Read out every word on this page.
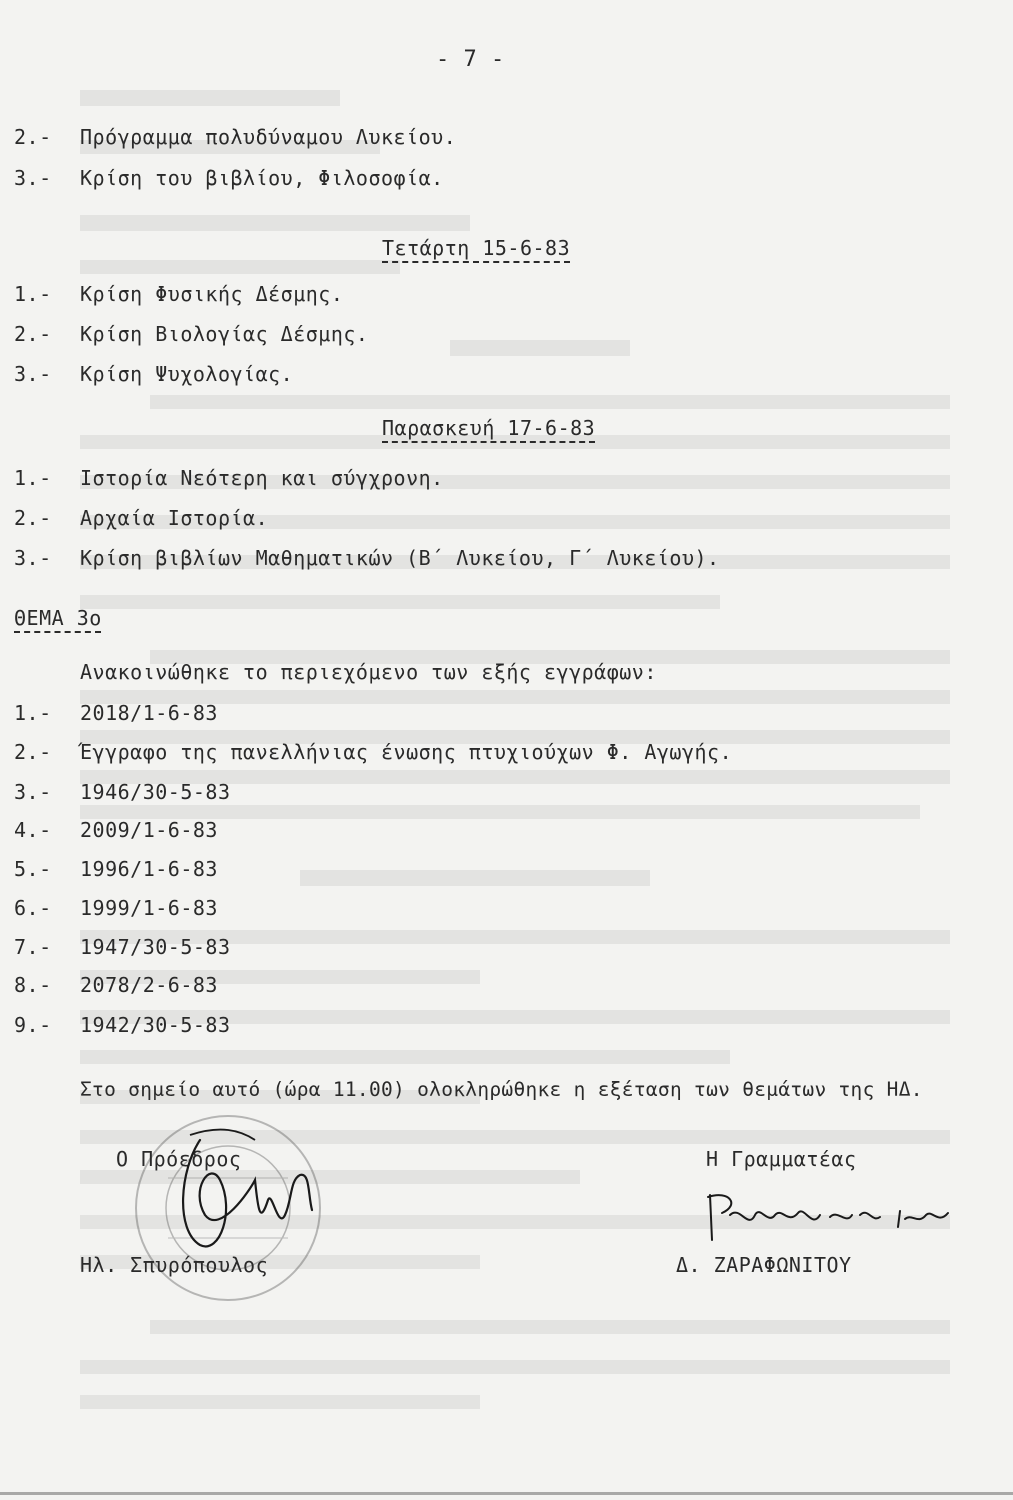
- 7 -
2.- Πρόγραμμα πολυδύναμου Λυκείου.
3.- Κρίση του βιβλίου, Φιλοσοφία.
Τετάρτη 15-6-83
1.- Κρίση Φυσικής Δέσμης.
2.- Κρίση Βιολογίας Δέσμης.
3.- Κρίση Ψυχολογίας.
Παρασκευή 17-6-83
1.- Ιστορία Νεότερη και σύγχρονη.
2.- Αρχαία Ιστορία.
3.- Κρίση βιβλίων Μαθηματικών (Β΄ Λυκείου, Γ΄ Λυκείου).
ΘΕΜΑ 3ο
Ανακοινώθηκε το περιεχόμενο των εξής εγγράφων:
1.- 2018/1-6-83
2.- Έγγραφο της πανελλήνιας ένωσης πτυχιούχων Φ. Αγωγής.
3.- 1946/30-5-83
4.- 2009/1-6-83
5.- 1996/1-6-83
6.- 1999/1-6-83
7.- 1947/30-5-83
8.- 2078/2-6-83
9.- 1942/30-5-83
Στο σημείο αυτό (ώρα 11.00) ολοκληρώθηκε η εξέταση των θεμάτων της ΗΔ.
Ο Πρόεδρος	Η Γραμματέας
Ηλ. Σπυρόπουλος	Δ. ΖΑΡΑΦΩΝΙΤΟΥ
